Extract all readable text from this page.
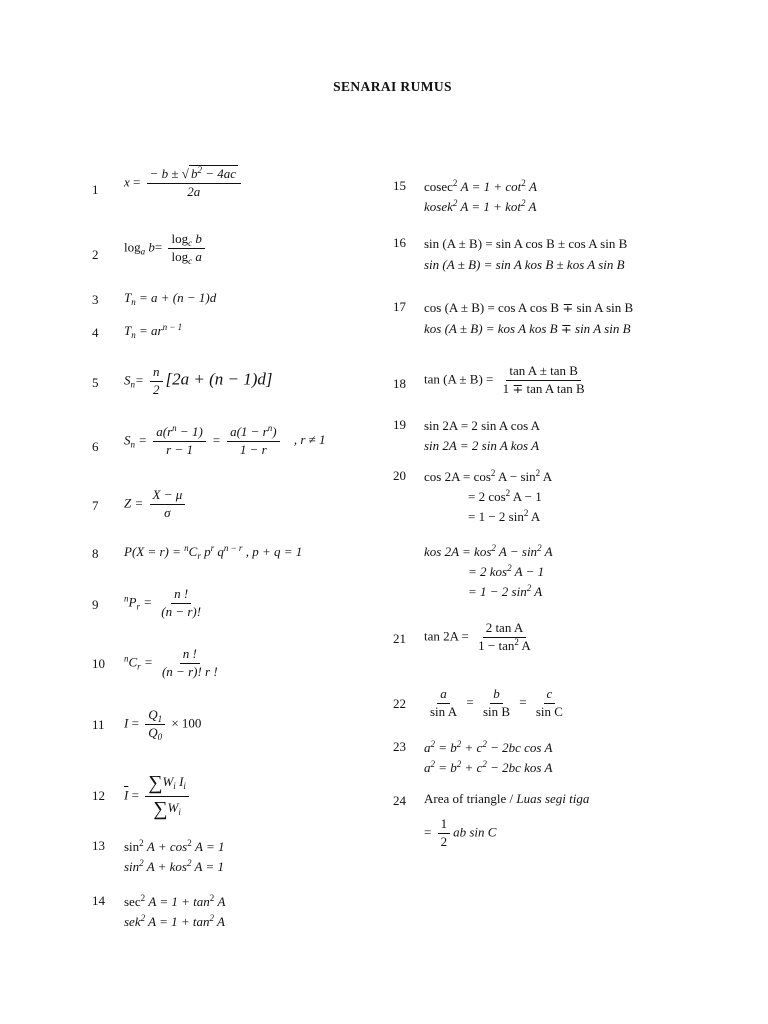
SENARAI RUMUS
1
2
3
4
5
6
7
8
9
10
11
12
13
14
15
16
17
18
19
20
21
22
23
24
$x = \frac{- b \pm √ b^2 - 4ac}{2a}$
$\log_a b= \frac{\log_c b}{\log_c a}$
$T_n = a + (n - 1)d$
$T_n = ar^{n - 1}$
$S_n= \frac{n}{2} [2a + (n - 1)d]$
$S_n = \frac{a(r^n - 1)}{r - 1} = \frac{a(1 - r^n)}{1 - r}$ , r ≠ 1
$Z = \frac{X - \mu}{\sigma}$
$P(X = r) = ^nC_r$ $p^r$ $q^{n - r}$ , p + q = 1
$^nP_r = \frac{n !}{(n - r)!}$
$^nC_r = \frac{n !}{(n - r)! r !}$
$I = \frac{Q_1}{Q_0} \times 100$
$\overline{I} = \frac{\sum W_i I_i}{\sum W_i}$
$\sin^2 A + \cos^2 A = 1$
$\sin^2 A + kos^2$ A = 1
$\sec^2 A = 1 + \tan^2 A$
sek$^2$ $A = 1 + \tan^2 A$
cosec$^2$ $A = 1 + \cot^2 A$
kosek$^2$ A = 1 + kot$^2$ A
sin (A ± B) = sin A cos B ± cos A sin B
sin (A ± B) = sin A kos B ± kos A sin B
cos (A ± B) = cos A cos B ∓ sin A sin B
kos (A ± B) = kos A kos B ∓ sin A sin B
$\tan (A \pm B) = \frac{\text{tan A ± tan B}}{\text{1 ∓ tan A tan B}}$
sin 2A = 2 sin A cos A
sin 2A = 2 sin A kos A
$\cos 2A = \cos^2 A - \sin^2 A$
= 2 $\cos^2 A - 1$
= 1 − 2 $\sin^2 A$
kos 2A = kos$^2$ $A - \sin^2 A$
= 2 kos$^2$ A − 1
= 1 − 2 $\sin^2 A$
$\tan 2A = \frac{\text{2 tan A}}{1 - \tan^2 A}$
$\frac{a}{\text{sin A}} = \frac{b}{\text{sin B}} = \frac{c}{\text{sin C}}$
$a^2 = b^2 + c^2 - 2bc$ cos A
$a^2 = b^2 + c^2 - 2bc$ kos A
Area of triangle / Luas segi tiga
= $\frac{1}{2}$ ab sin C
